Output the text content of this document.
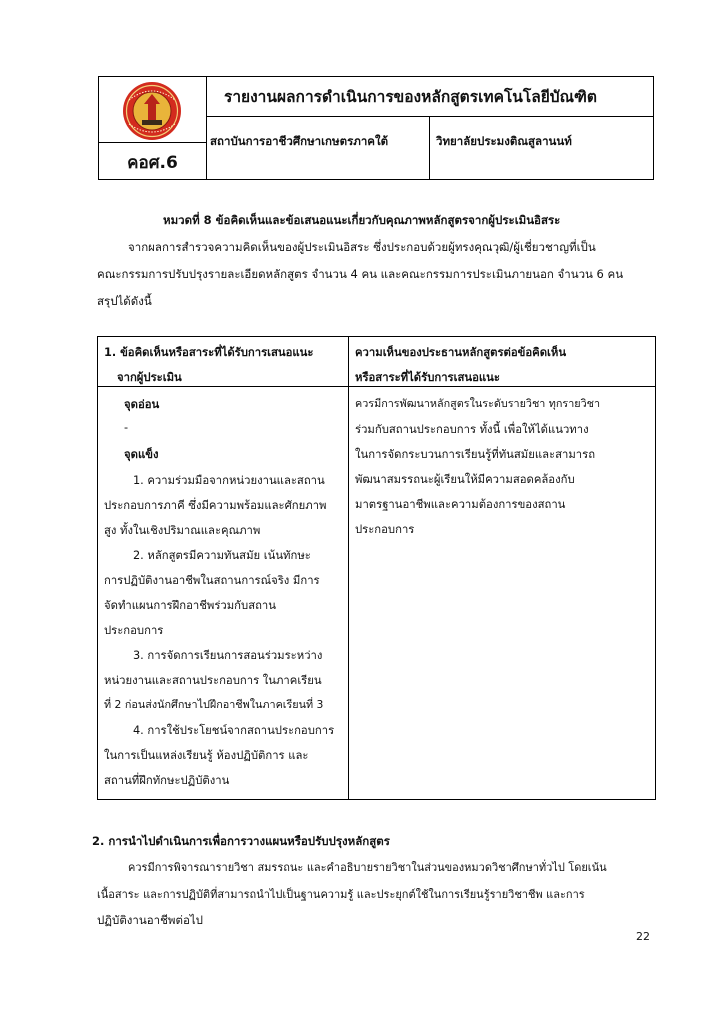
คอศ.6
รายงานผลการดำเนินการของหลักสูตรเทคโนโลยีบัณฑิต
สถาบันการอาชีวศึกษาเกษตรภาคใต้	วิทยาลัยประมงติณสูลานนท์
หมวดที่ 8 ข้อคิดเห็นและข้อเสนอแนะเกี่ยวกับคุณภาพหลักสูตรจากผู้ประเมินอิสระ
จากผลการสำรวจความคิดเห็นของผู้ประเมินอิสระ ซึ่งประกอบด้วยผู้ทรงคุณวุฒิ/ผู้เชี่ยวชาญที่เป็น
คณะกรรมการปรับปรุงรายละเอียดหลักสูตร จำนวน 4 คน และคณะกรรมการประเมินภายนอก จำนวน 6 คน
สรุปได้ดังนี้
1. ข้อคิดเห็นหรือสาระที่ได้รับการเสนอแนะ
จากผู้ประเมิน
ความเห็นของประธานหลักสูตรต่อข้อคิดเห็น
หรือสาระที่ได้รับการเสนอแนะ
จุดอ่อน
-
จุดแข็ง
1. ความร่วมมือจากหน่วยงานและสถาน
ประกอบการภาคี ซึ่งมีความพร้อมและศักยภาพ
สูง ทั้งในเชิงปริมาณและคุณภาพ
2. หลักสูตรมีความทันสมัย เน้นทักษะ
การปฏิบัติงานอาชีพในสถานการณ์จริง มีการ
จัดทำแผนการฝึกอาชีพร่วมกับสถาน
ประกอบการ
3. การจัดการเรียนการสอนร่วมระหว่าง
หน่วยงานและสถานประกอบการ ในภาคเรียน
ที่ 2 ก่อนส่งนักศึกษาไปฝึกอาชีพในภาคเรียนที่ 3
4. การใช้ประโยชน์จากสถานประกอบการ
ในการเป็นแหล่งเรียนรู้ ห้องปฏิบัติการ และ
สถานที่ฝึกทักษะปฏิบัติงาน
ควรมีการพัฒนาหลักสูตรในระดับรายวิชา ทุกรายวิชา
ร่วมกับสถานประกอบการ ทั้งนี้ เพื่อให้ได้แนวทาง
ในการจัดกระบวนการเรียนรู้ที่ทันสมัยและสามารถ
พัฒนาสมรรถนะผู้เรียนให้มีความสอดคล้องกับ
มาตรฐานอาชีพและความต้องการของสถาน
ประกอบการ
2. การนำไปดำเนินการเพื่อการวางแผนหรือปรับปรุงหลักสูตร
ควรมีการพิจารณารายวิชา สมรรถนะ และคำอธิบายรายวิชาในส่วนของหมวดวิชาศึกษาทั่วไป โดยเน้น
เนื้อสาระ และการปฏิบัติที่สามารถนำไปเป็นฐานความรู้ และประยุกต์ใช้ในการเรียนรู้รายวิชาชีพ และการ
ปฏิบัติงานอาชีพต่อไป
22
